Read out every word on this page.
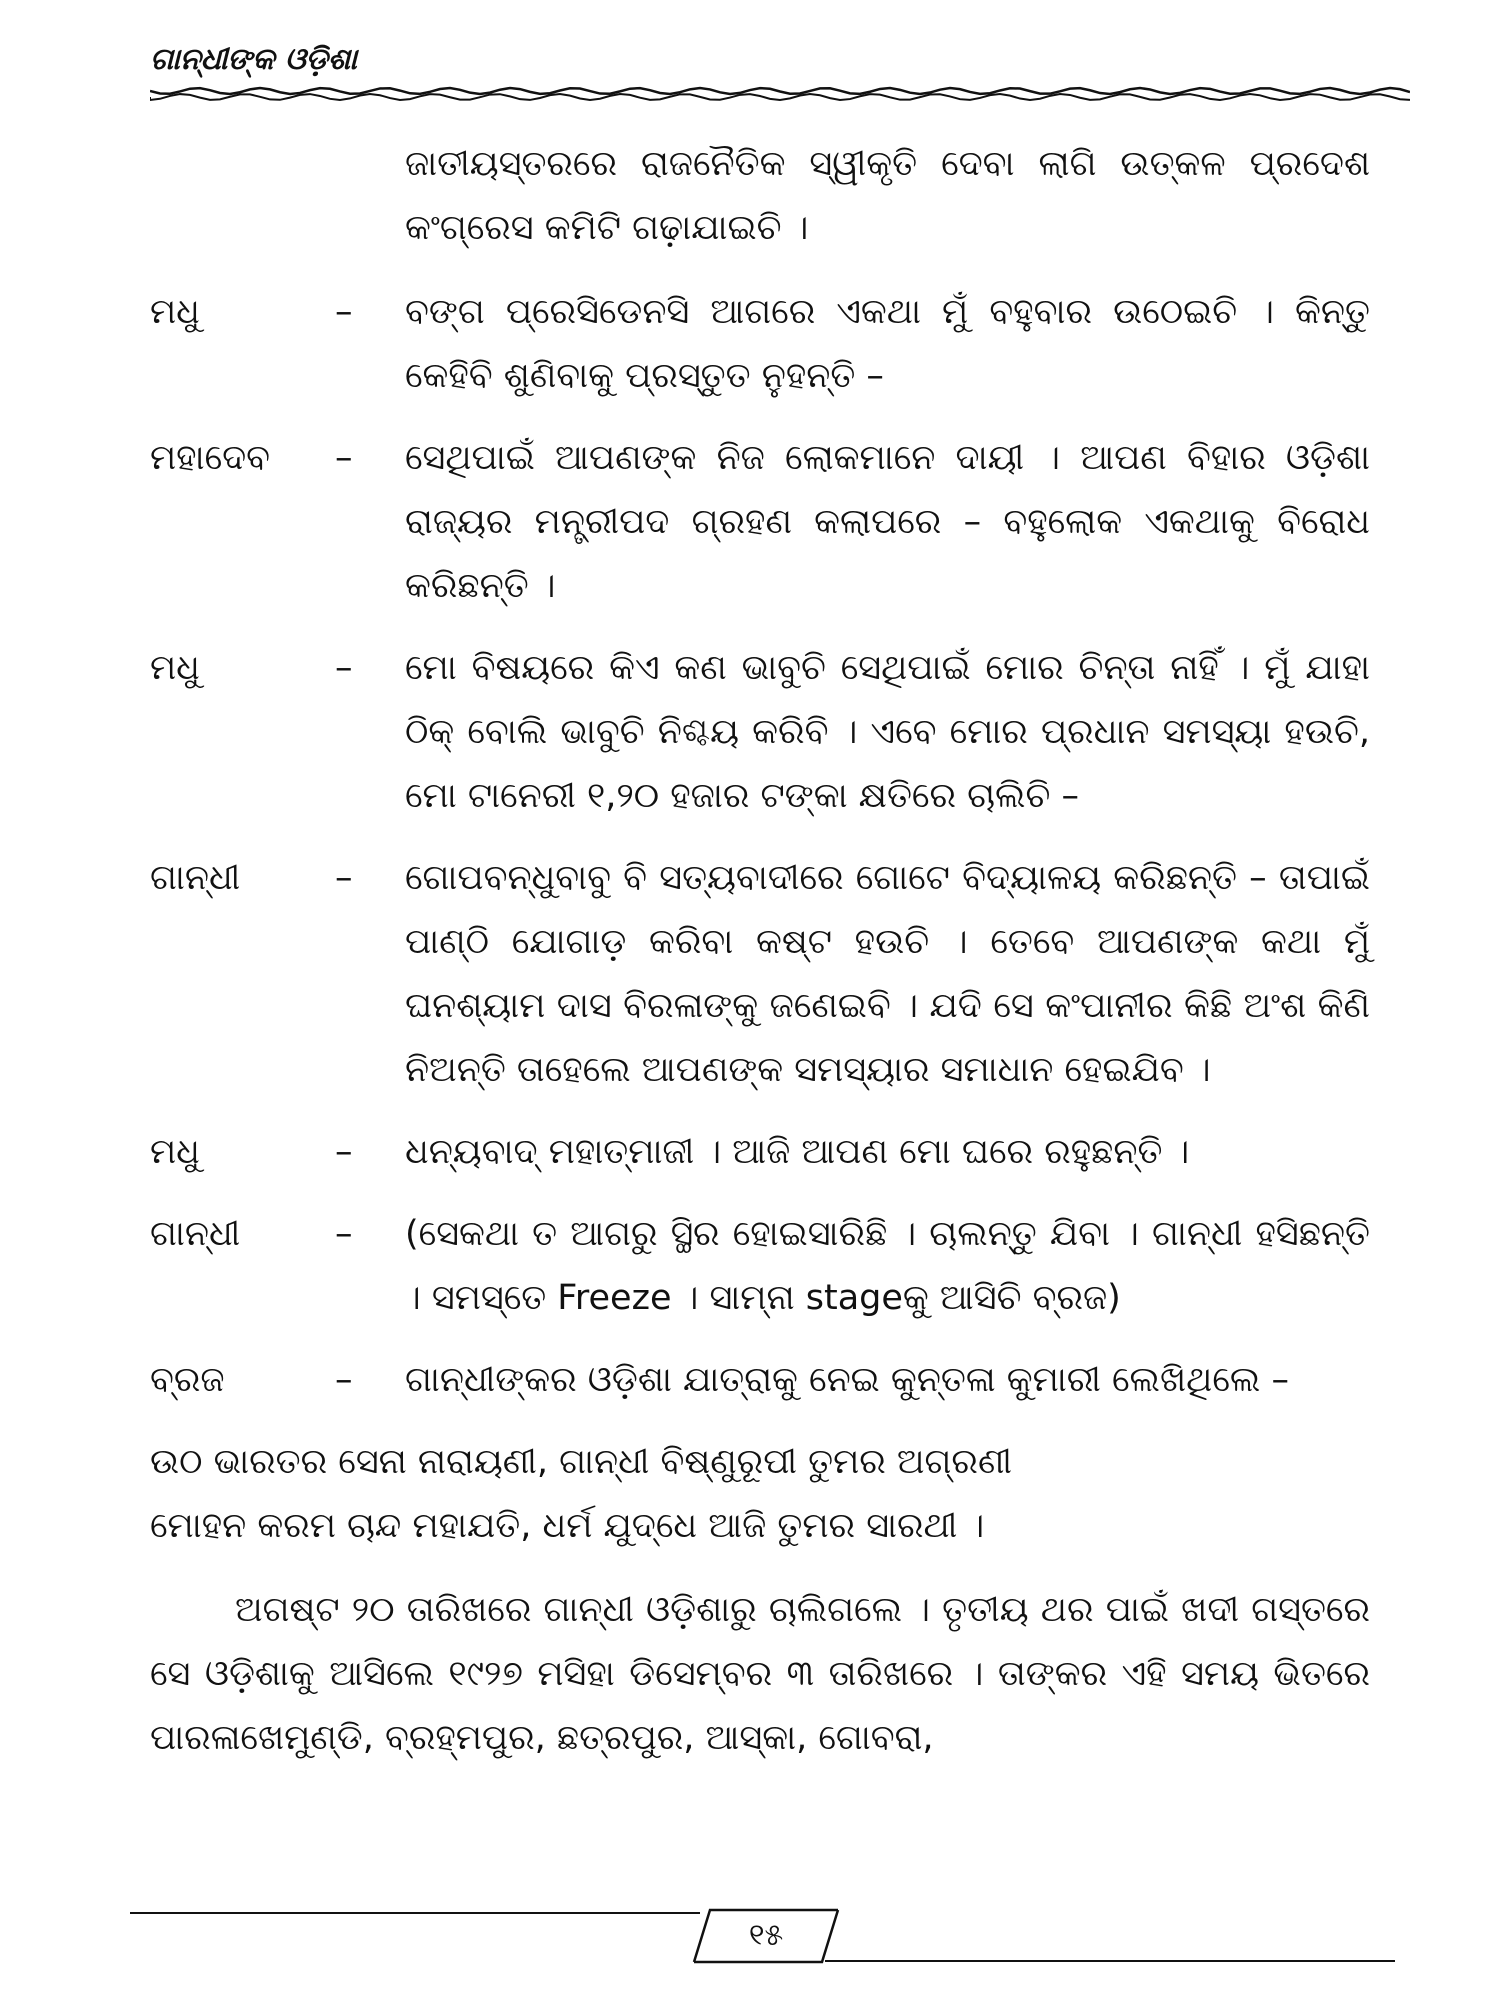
ଗାନ୍ଧୀଙ୍କ ଓଡ଼ିଶା
ଜାତୀୟସ୍ତରରେ ରାଜନୈତିକ ସ୍ୱୀକୃତି ଦେବା ଲାଗି ଉତ୍କଳ ପ୍ରଦେଶ କଂଗ୍ରେସ କମିଟି ଗଢ଼ାଯାଇଚି ।
ମଧୁ	–	ବଙ୍ଗ ପ୍ରେସିଡେନସି ଆଗରେ ଏକଥା ମୁଁ ବହୁବାର ଉଠେଇଚି । କିନ୍ତୁ କେହିବି ଶୁଣିବାକୁ ପ୍ରସ୍ତୁତ ନୁହନ୍ତି –
ମହାଦେବ	–	ସେଥିପାଇଁ ଆପଣଙ୍କ ନିଜ ଲୋକମାନେ ଦାୟୀ । ଆପଣ ବିହାର ଓଡ଼ିଶା ରାଜ୍ୟର ମନ୍ତ୍ରୀପଦ ଗ୍ରହଣ କଲାପରେ – ବହୁଲୋକ ଏକଥାକୁ ବିରୋଧ କରିଛନ୍ତି ।
ମଧୁ	–	ମୋ ବିଷୟରେ କିଏ କଣ ଭାବୁଚି ସେଥିପାଇଁ ମୋର ଚିନ୍ତା ନାହିଁ । ମୁଁ ଯାହା ଠିକ୍ ବୋଲି ଭାବୁଚି ନିଶ୍ଚୟ କରିବି । ଏବେ ମୋର ପ୍ରଧାନ ସମସ୍ୟା ହଉଚି, ମୋ ଟାନେରୀ ୧,୨୦ ହଜାର ଟଙ୍କା କ୍ଷତିରେ ଚାଲିଚି –
ଗାନ୍ଧୀ	–	ଗୋପବନ୍ଧୁବାବୁ ବି ସତ୍ୟବାଦୀରେ ଗୋଟେ ବିଦ୍ୟାଳୟ କରିଛନ୍ତି – ତାପାଇଁ ପାଣ୍ଠି ଯୋଗାଡ଼ କରିବା କଷ୍ଟ ହଉଚି । ତେବେ ଆପଣଙ୍କ କଥା ମୁଁ ଘନଶ୍ୟାମ ଦାସ ବିରଳାଙ୍କୁ ଜଣେଇବି । ଯଦି ସେ କଂପାନୀର କିଛି ଅଂଶ କିଣି ନିଅନ୍ତି ତାହେଲେ ଆପଣଙ୍କ ସମସ୍ୟାର ସମାଧାନ ହେଇଯିବ ।
ମଧୁ	–	ଧନ୍ୟବାଦ୍ ମହାତ୍ମାଜୀ । ଆଜି ଆପଣ ମୋ ଘରେ ରହୁଛନ୍ତି ।
ଗାନ୍ଧୀ	–	(ସେକଥା ତ ଆଗରୁ ସ୍ଥିର ହୋଇସାରିଛି । ଚାଲନ୍ତୁ ଯିବା । ଗାନ୍ଧୀ ହସିଛନ୍ତି । ସମସ୍ତେ Freeze । ସାମ୍ନା stageକୁ ଆସିଚି ବ୍ରଜ)
ବ୍ରଜ	–	ଗାନ୍ଧୀଙ୍କର ଓଡ଼ିଶା ଯାତ୍ରାକୁ ନେଇ କୁନ୍ତଳା କୁମାରୀ ଲେଖିଥିଲେ –
ଉଠ ଭାରତର ସେନା ନାରାୟଣୀ, ଗାନ୍ଧୀ ବିଷ୍ଣୁରୂପୀ ତୁମର ଅଗ୍ରଣୀ
ମୋହନ କରମ ଚାନ୍ଦ ମହାଯତି, ଧର୍ମ ଯୁଦ୍ଧେ ଆଜି ତୁମର ସାରଥୀ ।
ଅଗଷ୍ଟ ୨୦ ତାରିଖରେ ଗାନ୍ଧୀ ଓଡ଼ିଶାରୁ ଚାଲିଗଲେ । ତୃତୀୟ ଥର ପାଇଁ ଖଦୀ ଗସ୍ତରେ ସେ ଓଡ଼ିଶାକୁ ଆସିଲେ ୧୯୨୭ ମସିହା ଡିସେମ୍ବର ୩ ତାରିଖରେ । ତାଙ୍କର ଏହି ସମୟ ଭିତରେ ପାରଳାଖେମୁଣ୍ଡି, ବ୍ରହ୍ମପୁର, ଛତ୍ରପୁର, ଆସ୍କା, ଗୋବରା,
୧୫
